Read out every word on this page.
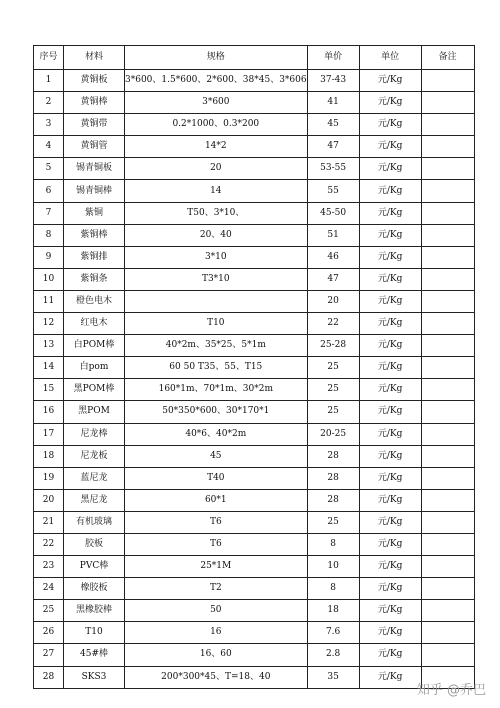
序号	材料	规格	单价	单位	备注
1	黄铜板	3*600、1.5*600、2*600、38*45、3*606	37-43	元/Kg	
2	黄铜棒	3*600	41	元/Kg	
3	黄铜带	0.2*1000、0.3*200	45	元/Kg	
4	黄铜管	14*2	47	元/Kg	
5	锡青铜板	20	53-55	元/Kg	
6	锡青铜棒	14	55	元/Kg	
7	紫铜	T50、3*10、	45-50	元/Kg	
8	紫铜棒	20、40	51	元/Kg	
9	紫铜排	3*10	46	元/Kg	
10	紫铜条	T3*10	47	元/Kg	
11	橙色电木		20	元/Kg	
12	红电木	T10	22	元/Kg	
13	白POM棒	40*2m、35*25、5*1m	25-28	元/Kg	
14	白pom	60 50 T35、55、T15	25	元/Kg	
15	黑POM棒	160*1m、70*1m、30*2m	25	元/Kg	
16	黑POM	50*350*600、30*170*1	25	元/Kg	
17	尼龙棒	40*6、40*2m	20-25	元/Kg	
18	尼龙板	45	28	元/Kg	
19	蓝尼龙	T40	28	元/Kg	
20	黑尼龙	60*1	28	元/Kg	
21	有机玻璃	T6	25	元/Kg	
22	胶板	T6	8	元/Kg	
23	PVC棒	25*1M	10	元/Kg	
24	橡胶板	T2	8	元/Kg	
25	黑橡胶棒	50	18	元/Kg	
26	T10	16	7.6	元/Kg	
27	45#棒	16、60	2.8	元/Kg	
28	SKS3	200*300*45、T=18、40	35	元/Kg	
知乎 @乔巴
